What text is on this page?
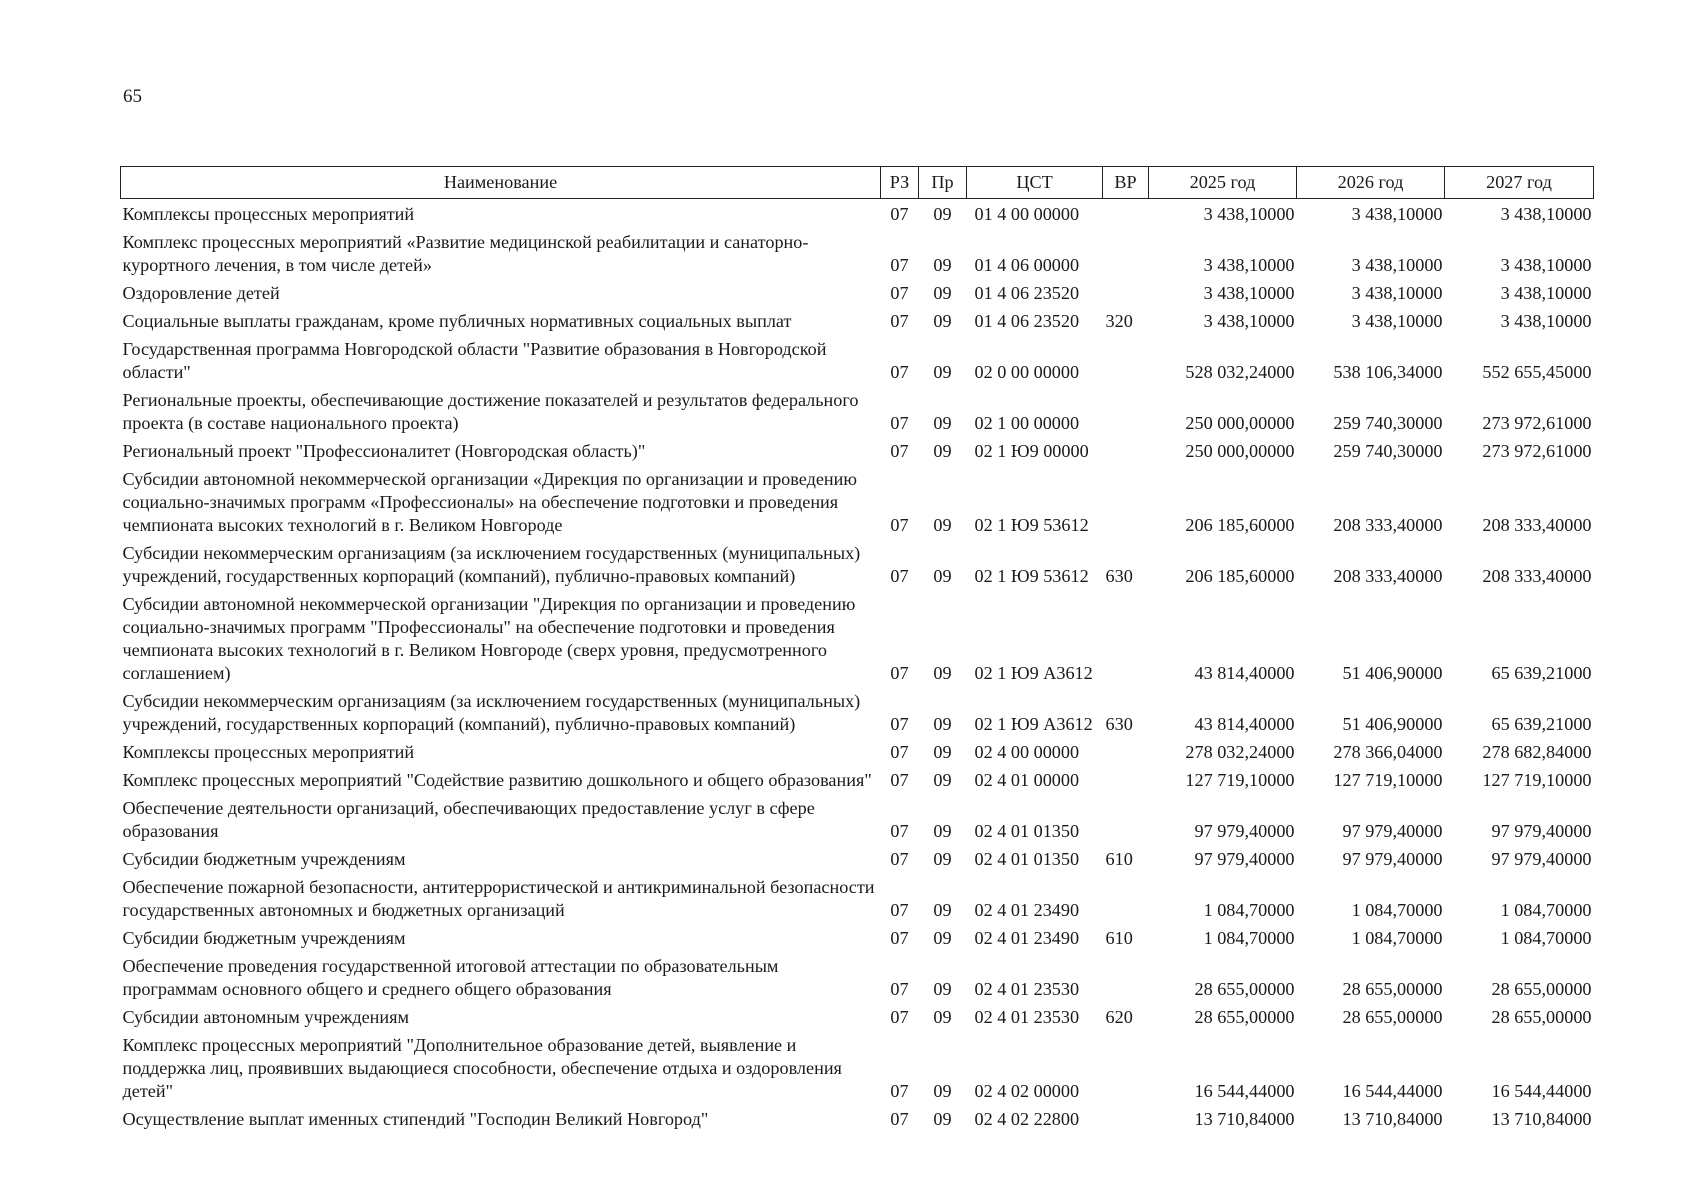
65
Наименование	РЗ	Пр	ЦСТ	ВР	2025 год	2026 год	2027 год
Комплексы процессных мероприятий	07	09	01 4 00 00000		3 438,10000	3 438,10000	3 438,10000
Комплекс процессных мероприятий «Развитие медицинской реабилитации и санаторно-курортного лечения, в том числе детей»	07	09	01 4 06 00000		3 438,10000	3 438,10000	3 438,10000
Оздоровление детей	07	09	01 4 06 23520		3 438,10000	3 438,10000	3 438,10000
Социальные выплаты гражданам, кроме публичных нормативных социальных выплат	07	09	01 4 06 23520	320	3 438,10000	3 438,10000	3 438,10000
Государственная программа Новгородской области "Развитие образования в Новгородской области"	07	09	02 0 00 00000		528 032,24000	538 106,34000	552 655,45000
Региональные проекты, обеспечивающие достижение показателей и результатов федерального проекта (в составе национального проекта)	07	09	02 1 00 00000		250 000,00000	259 740,30000	273 972,61000
Региональный проект "Профессионалитет (Новгородская область)"	07	09	02 1 Ю9 00000		250 000,00000	259 740,30000	273 972,61000
Субсидии автономной некоммерческой организации «Дирекция по организации и проведению социально-значимых программ «Профессионалы» на обеспечение подготовки и проведения чемпионата высоких технологий в г. Великом Новгороде	07	09	02 1 Ю9 53612		206 185,60000	208 333,40000	208 333,40000
Субсидии некоммерческим организациям (за исключением государственных (муниципальных) учреждений, государственных корпораций (компаний), публично-правовых компаний)	07	09	02 1 Ю9 53612	630	206 185,60000	208 333,40000	208 333,40000
Субсидии автономной некоммерческой организации "Дирекция по организации и проведению социально-значимых программ "Профессионалы" на обеспечение подготовки и проведения чемпионата высоких технологий в г. Великом Новгороде (сверх уровня, предусмотренного соглашением)	07	09	02 1 Ю9 А3612		43 814,40000	51 406,90000	65 639,21000
Субсидии некоммерческим организациям (за исключением государственных (муниципальных) учреждений, государственных корпораций (компаний), публично-правовых компаний)	07	09	02 1 Ю9 А3612	630	43 814,40000	51 406,90000	65 639,21000
Комплексы процессных мероприятий	07	09	02 4 00 00000		278 032,24000	278 366,04000	278 682,84000
Комплекс процессных мероприятий "Содействие развитию дошкольного и общего образования"	07	09	02 4 01 00000		127 719,10000	127 719,10000	127 719,10000
Обеспечение деятельности организаций, обеспечивающих предоставление услуг в сфере образования	07	09	02 4 01 01350		97 979,40000	97 979,40000	97 979,40000
Субсидии бюджетным учреждениям	07	09	02 4 01 01350	610	97 979,40000	97 979,40000	97 979,40000
Обеспечение пожарной безопасности, антитеррористической и антикриминальной безопасности государственных автономных и бюджетных организаций	07	09	02 4 01 23490		1 084,70000	1 084,70000	1 084,70000
Субсидии бюджетным учреждениям	07	09	02 4 01 23490	610	1 084,70000	1 084,70000	1 084,70000
Обеспечение проведения государственной итоговой аттестации по образовательным программам основного общего и среднего общего образования	07	09	02 4 01 23530		28 655,00000	28 655,00000	28 655,00000
Субсидии автономным учреждениям	07	09	02 4 01 23530	620	28 655,00000	28 655,00000	28 655,00000
Комплекс процессных мероприятий "Дополнительное образование детей, выявление и поддержка лиц, проявивших выдающиеся способности, обеспечение отдыха и оздоровления детей"	07	09	02 4 02 00000		16 544,44000	16 544,44000	16 544,44000
Осуществление выплат именных стипендий "Господин Великий Новгород"	07	09	02 4 02 22800		13 710,84000	13 710,84000	13 710,84000
